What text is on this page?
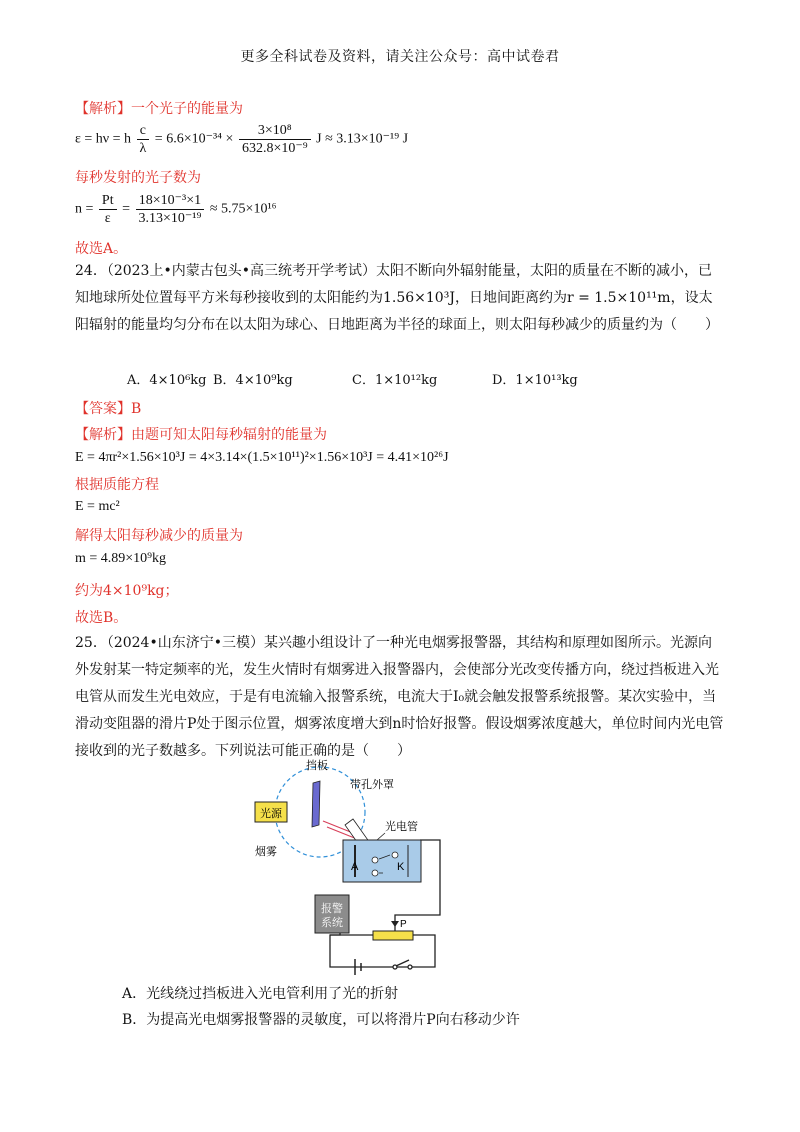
更多全科试卷及资料，请关注公众号：高中试卷君
【解析】一个光子的能量为
ε = hν = h $\frac{c}{\lambda} = 6.6\times 10^{-34} \times \frac{\text{3×10⁸}}{\text{632.8×10⁻⁹}}$ J ≈ 3.13×10⁻¹⁹ J
每秒发射的光子数为
$n = \frac{Pt}{\varepsilon} = \frac{\text{18×10⁻³×1}}{\text{3.13×10⁻¹⁹}} \approx 5.75\times 10^{16}$
故选A。
24．（2023上•内蒙古包头•高三统考开学考试）太阳不断向外辐射能量，太阳的质量在不断的减小，已知地球所处位置每平方米每秒接收到的太阳能约为1.56×10³J，日地间距离约为r = 1.5×10¹¹m，设太阳辐射的能量均匀分布在以太阳为球心、日地距离为半径的球面上，则太阳每秒减少的质量约为（　　）
A．4×10⁶kg B．4×10⁹kg	C．1×10¹²kg	D．1×10¹³kg
【答案】B
【解析】由题可知太阳每秒辐射的能量为
E = 4πr²×1.56×10³J = 4×3.14×(1.5×10¹¹)²×1.56×10³J = 4.41×10²⁶J
根据质能方程
E = mc²
解得太阳每秒减少的质量为
m = 4.89×10⁹kg
约为4×10⁹kg；
故选B。
25．（2024•山东济宁•三模）某兴趣小组设计了一种光电烟雾报警器，其结构和原理如图所示。光源向外发射某一特定频率的光，发生火情时有烟雾进入报警器内，会使部分光改变传播方向，绕过挡板进入光电管从而发生光电效应，于是有电流输入报警系统，电流大于I₀就会触发报警系统报警。某次实验中，当滑动变阻器的滑片P处于图示位置，烟雾浓度增大到n时恰好报警。假设烟雾浓度越大，单位时间内光电管接收到的光子数越多。下列说法可能正确的是（　　）
P
报警系统
光源
挡板
带孔外罩
烟雾
A	K
光电管
A．光线绕过挡板进入光电管利用了光的折射
B．为提高光电烟雾报警器的灵敏度，可以将滑片P向右移动少许
